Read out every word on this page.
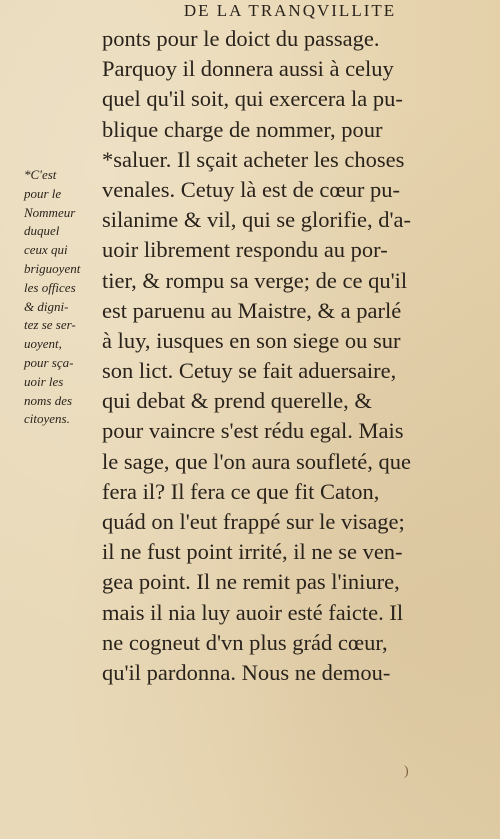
DE LA TRANQVILLITE
ponts pour le doict du passage.
Parquoy il donnera aussi à celuy
quel qu'il soit, qui exercera la pu-
blique charge de nommer, pour
*saluer. Il sçait acheter les choses
venales. Cetuy là est de cœur pu-
silanime & vil, qui se glorifie, d'a-
uoir librement respondu au por-
tier, & rompu sa verge; de ce qu'il
est paruenu au Maistre, & a parlé
à luy, iusques en son siege ou sur
son lict. Cetuy se fait aduersaire,
qui debat & prend querelle, &
pour vaincre s'est rédu egal. Mais
le sage, que l'on aura soufleté, que
fera il? Il fera ce que fit Caton,
quád on l'eut frappé sur le visage;
il ne fust point irrité, il ne se ven-
gea point. Il ne remit pas l'iniure,
mais il nia luy auoir esté faicte. Il
ne cogneut d'vn plus grád cœur,
qu'il pardonna. Nous ne demou-
*C'est
pour le
Nommeur
duquel
ceux qui
briguoyent
les offices
& digni-
tez se ser-
uoyent,
pour sça-
uoir les
noms des
citoyens.
)
